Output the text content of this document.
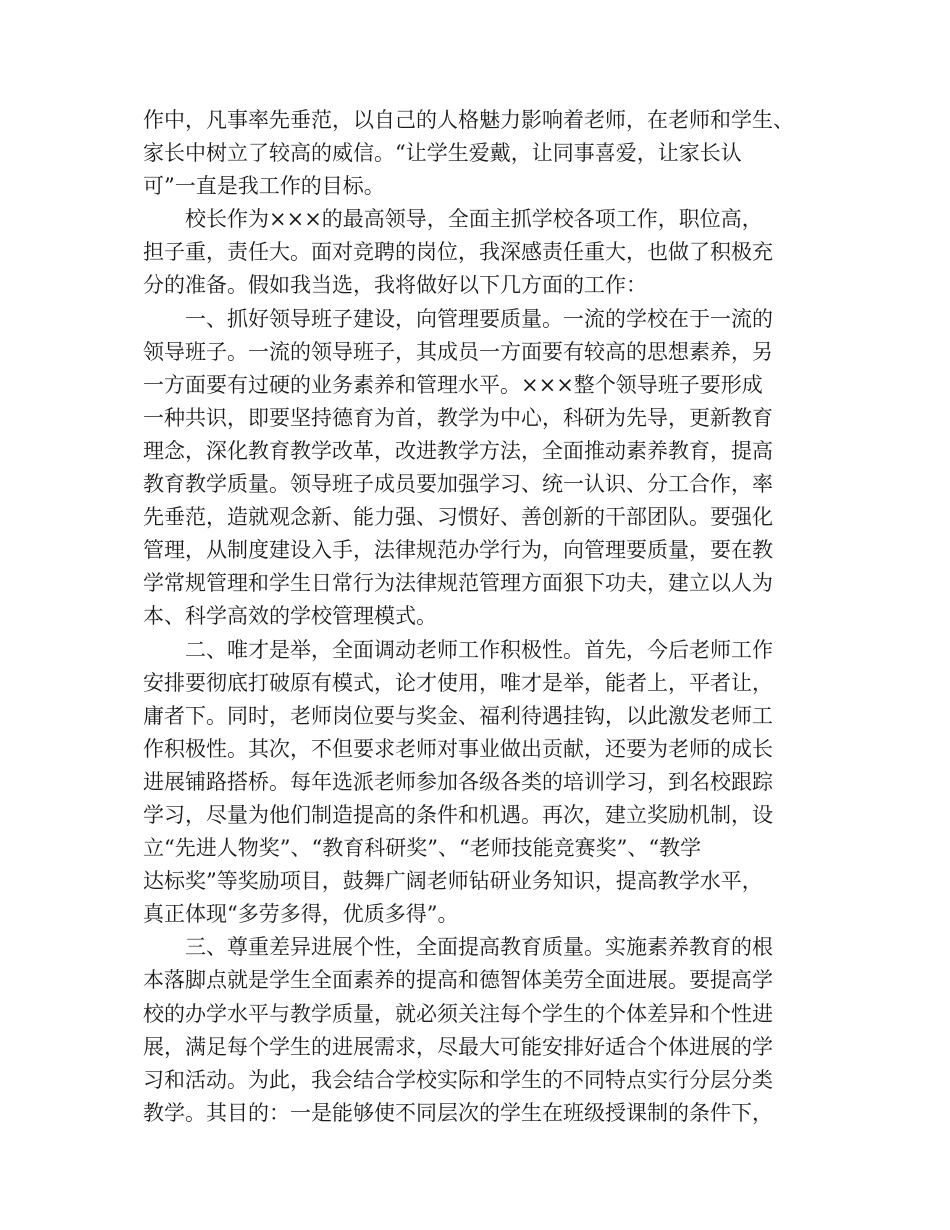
作中，凡事率先垂范，以自己的人格魅力影响着老师，在老师和学生、
家长中树立了较高的威信。“让学生爱戴，让同事喜爱，让家长认
可”一直是我工作的目标。
校长作为×××的最高领导，全面主抓学校各项工作，职位高，
担子重，责任大。面对竞聘的岗位，我深感责任重大，也做了积极充
分的准备。假如我当选，我将做好以下几方面的工作：
一、抓好领导班子建设，向管理要质量。一流的学校在于一流的
领导班子。一流的领导班子，其成员一方面要有较高的思想素养，另
一方面要有过硬的业务素养和管理水平。×××整个领导班子要形成
一种共识，即要坚持德育为首，教学为中心，科研为先导，更新教育
理念，深化教育教学改革，改进教学方法，全面推动素养教育，提高
教育教学质量。领导班子成员要加强学习、统一认识、分工合作，率
先垂范，造就观念新、能力强、习惯好、善创新的干部团队。要强化
管理，从制度建设入手，法律规范办学行为，向管理要质量，要在教
学常规管理和学生日常行为法律规范管理方面狠下功夫，建立以人为
本、科学高效的学校管理模式。
二、唯才是举，全面调动老师工作积极性。首先，今后老师工作
安排要彻底打破原有模式，论才使用，唯才是举，能者上，平者让，
庸者下。同时，老师岗位要与奖金、福利待遇挂钩，以此激发老师工
作积极性。其次，不但要求老师对事业做出贡献，还要为老师的成长
进展铺路搭桥。每年选派老师参加各级各类的培训学习，到名校跟踪
学习，尽量为他们制造提高的条件和机遇。再次，建立奖励机制，设
立“先进人物奖”、“教育科研奖”、“老师技能竞赛奖”、“教学
达标奖”等奖励项目，鼓舞广阔老师钻研业务知识，提高教学水平，
真正体现“多劳多得，优质多得”。
三、尊重差异进展个性，全面提高教育质量。实施素养教育的根
本落脚点就是学生全面素养的提高和德智体美劳全面进展。要提高学
校的办学水平与教学质量，就必须关注每个学生的个体差异和个性进
展，满足每个学生的进展需求，尽最大可能安排好适合个体进展的学
习和活动。为此，我会结合学校实际和学生的不同特点实行分层分类
教学。其目的：一是能够使不同层次的学生在班级授课制的条件下，
